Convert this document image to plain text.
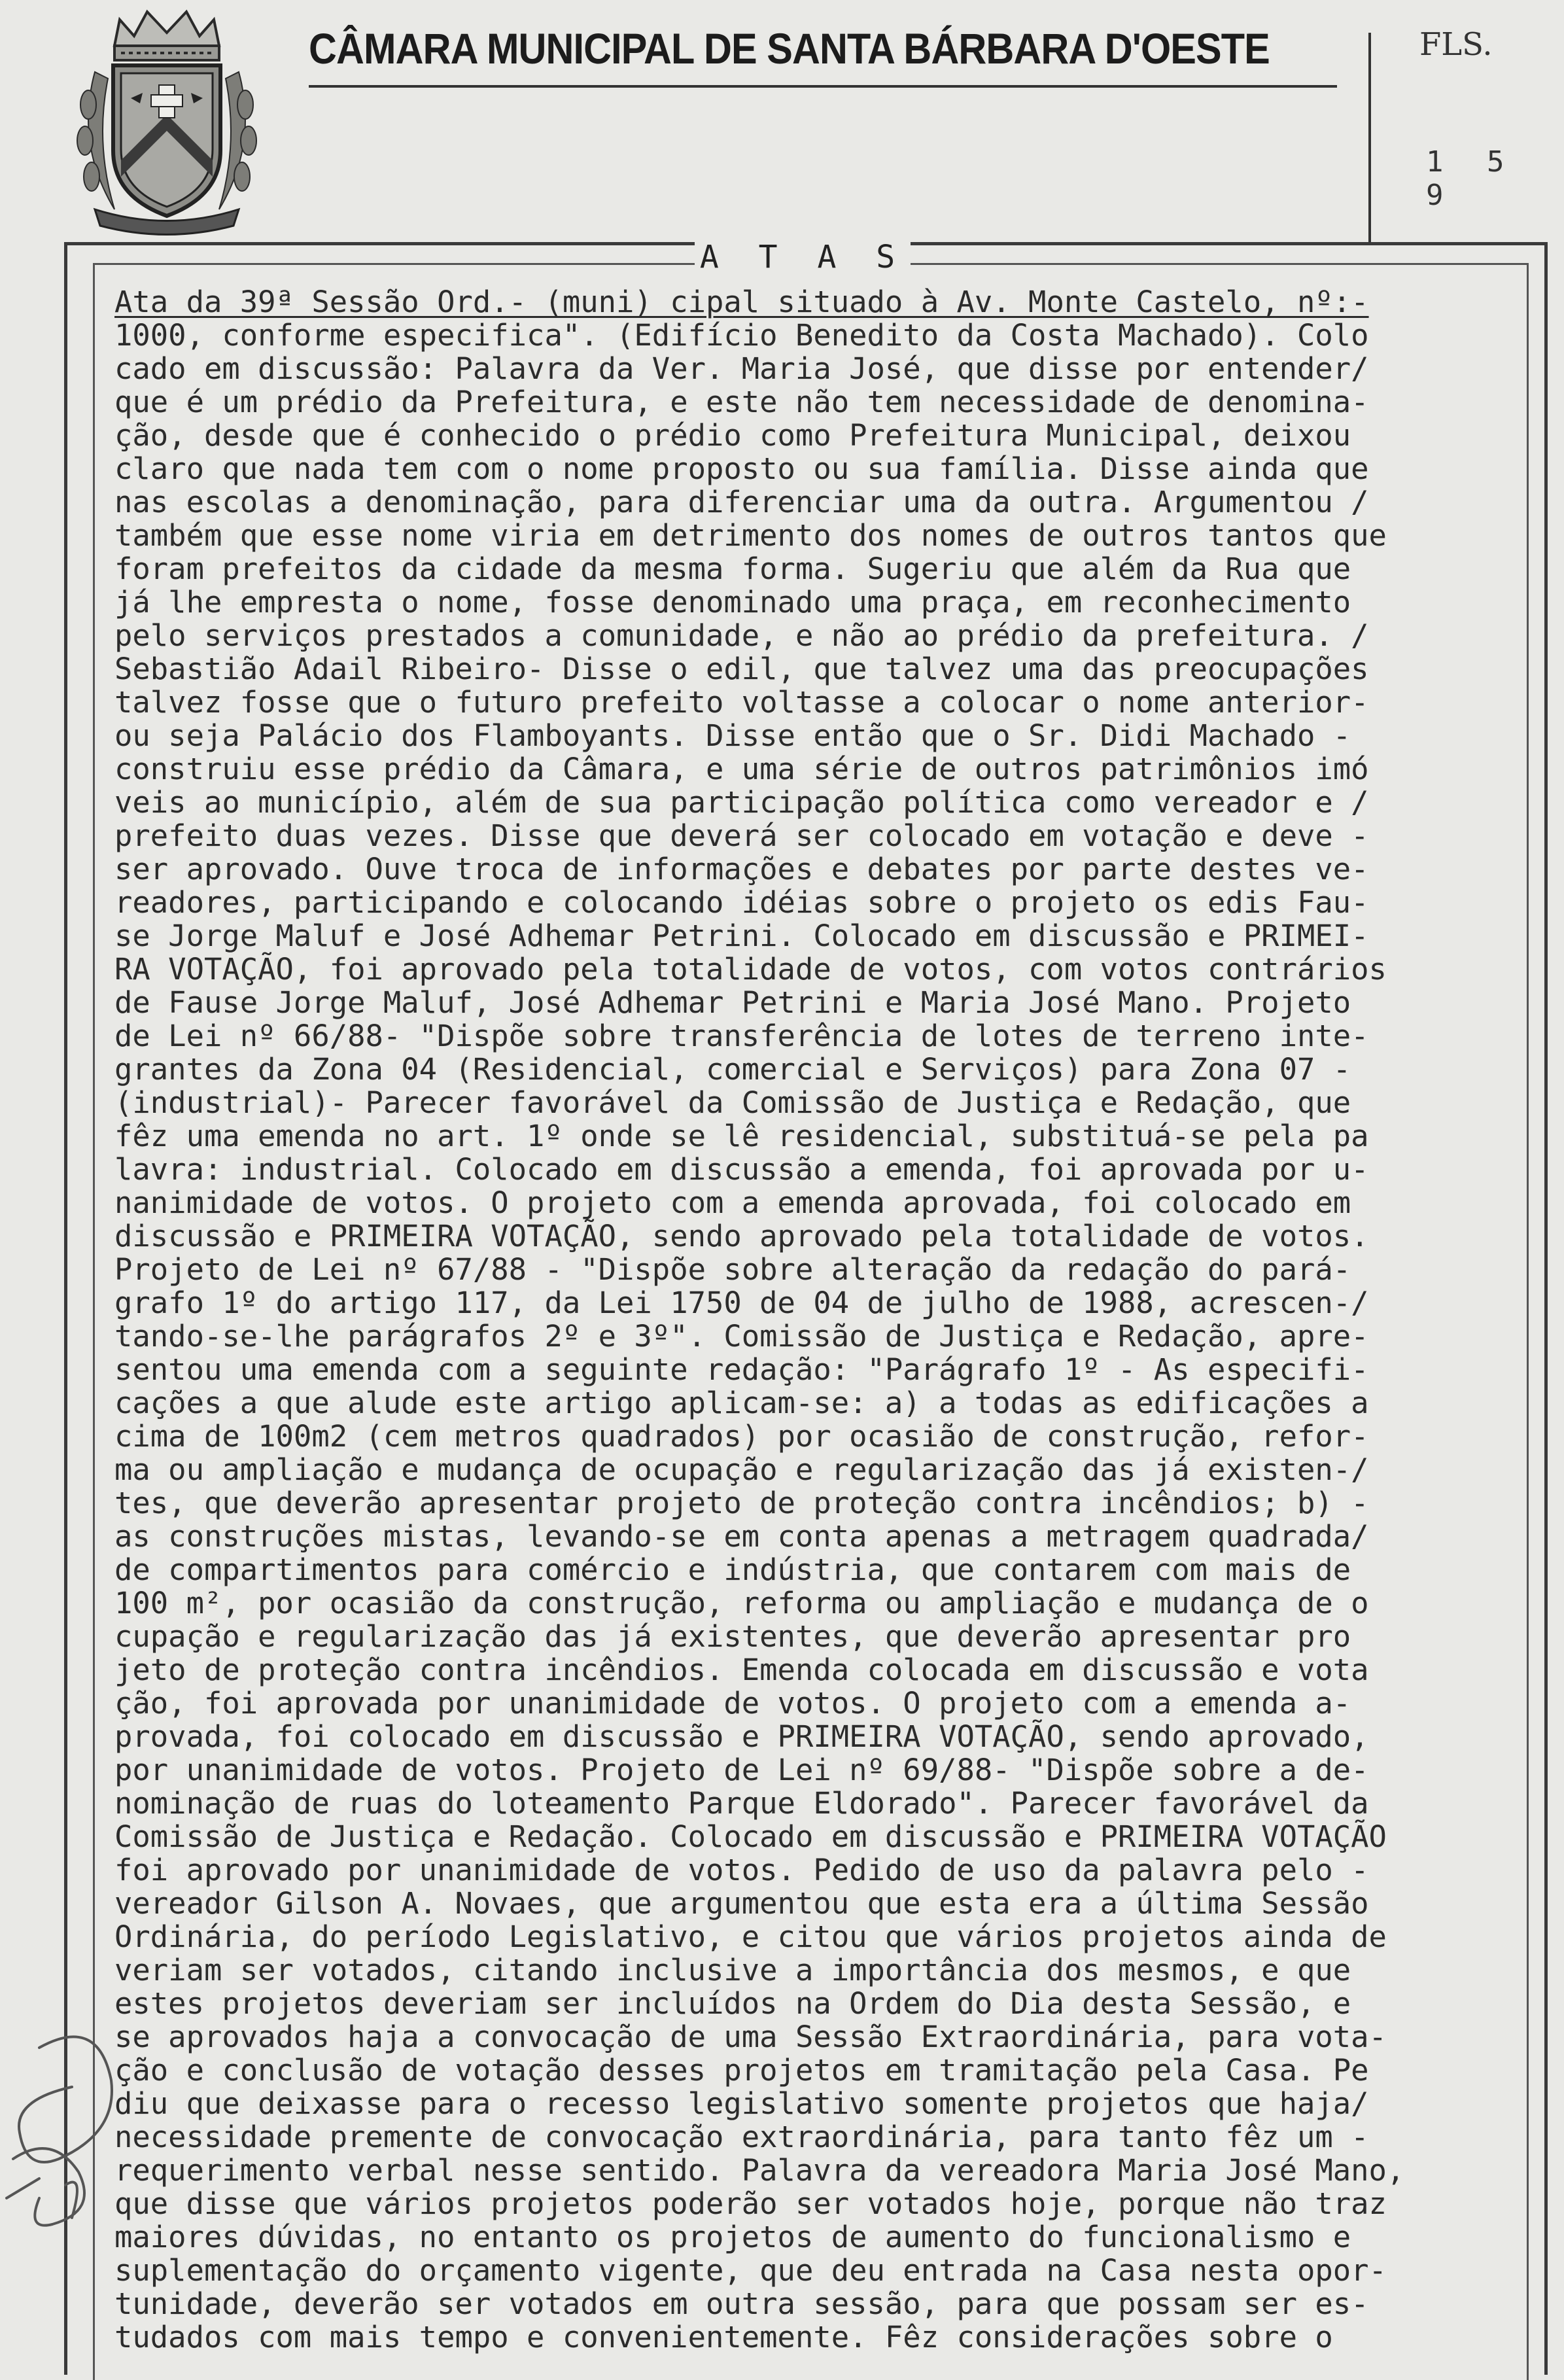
CÂMARA MUNICIPAL DE SANTA BÁRBARA D'OESTE	FLS.
1 5 9
A T A S
Ata da 39ª Sessão Ord.- (muni) cipal situado à Av. Monte Castelo, nº:-
1000, conforme especifica". (Edifício Benedito da Costa Machado). Colo
cado em discussão: Palavra da Ver. Maria José, que disse por entender/
que é um prédio da Prefeitura, e este não tem necessidade de denomina-
ção, desde que é conhecido o prédio como Prefeitura Municipal, deixou
claro que nada tem com o nome proposto ou sua família. Disse ainda que
nas escolas a denominação, para diferenciar uma da outra. Argumentou /
também que esse nome viria em detrimento dos nomes de outros tantos que
foram prefeitos da cidade da mesma forma. Sugeriu que além da Rua que
já lhe empresta o nome, fosse denominado uma praça, em reconhecimento
pelo serviços prestados a comunidade, e não ao prédio da prefeitura. /
Sebastião Adail Ribeiro- Disse o edil, que talvez uma das preocupações
talvez fosse que o futuro prefeito voltasse a colocar o nome anterior-
ou seja Palácio dos Flamboyants. Disse então que o Sr. Didi Machado -
construiu esse prédio da Câmara, e uma série de outros patrimônios imó
veis ao município, além de sua participação política como vereador e /
prefeito duas vezes. Disse que deverá ser colocado em votação e deve -
ser aprovado. Ouve troca de informações e debates por parte destes ve-
readores, participando e colocando idéias sobre o projeto os edis Fau-
se Jorge Maluf e José Adhemar Petrini. Colocado em discussão e PRIMEI-
RA VOTAÇÃO, foi aprovado pela totalidade de votos, com votos contrários
de Fause Jorge Maluf, José Adhemar Petrini e Maria José Mano. Projeto
de Lei nº 66/88- "Dispõe sobre transferência de lotes de terreno inte-
grantes da Zona 04 (Residencial, comercial e Serviços) para Zona 07 -
(industrial)- Parecer favorável da Comissão de Justiça e Redação, que
fêz uma emenda no art. 1º onde se lê residencial, substituá-se pela pa
lavra: industrial. Colocado em discussão a emenda, foi aprovada por u-
nanimidade de votos. O projeto com a emenda aprovada, foi colocado em
discussão e PRIMEIRA VOTAÇÃO, sendo aprovado pela totalidade de votos.
Projeto de Lei nº 67/88 - "Dispõe sobre alteração da redação do pará-
grafo 1º do artigo 117, da Lei 1750 de 04 de julho de 1988, acrescen-/
tando-se-lhe parágrafos 2º e 3º". Comissão de Justiça e Redação, apre-
sentou uma emenda com a seguinte redação: "Parágrafo 1º - As especifi-
cações a que alude este artigo aplicam-se: a) a todas as edificações a
cima de 100m2 (cem metros quadrados) por ocasião de construção, refor-
ma ou ampliação e mudança de ocupação e regularização das já existen-/
tes, que deverão apresentar projeto de proteção contra incêndios; b) -
as construções mistas, levando-se em conta apenas a metragem quadrada/
de compartimentos para comércio e indústria, que contarem com mais de
100 m², por ocasião da construção, reforma ou ampliação e mudança de o
cupação e regularização das já existentes, que deverão apresentar pro
jeto de proteção contra incêndios. Emenda colocada em discussão e vota
ção, foi aprovada por unanimidade de votos. O projeto com a emenda a-
provada, foi colocado em discussão e PRIMEIRA VOTAÇÃO, sendo aprovado,
por unanimidade de votos. Projeto de Lei nº 69/88- "Dispõe sobre a de-
nominação de ruas do loteamento Parque Eldorado". Parecer favorável da
Comissão de Justiça e Redação. Colocado em discussão e PRIMEIRA VOTAÇÃO
foi aprovado por unanimidade de votos. Pedido de uso da palavra pelo -
vereador Gilson A. Novaes, que argumentou que esta era a última Sessão
Ordinária, do período Legislativo, e citou que vários projetos ainda de
veriam ser votados, citando inclusive a importância dos mesmos, e que
estes projetos deveriam ser incluídos na Ordem do Dia desta Sessão, e
se aprovados haja a convocação de uma Sessão Extraordinária, para vota-
ção e conclusão de votação desses projetos em tramitação pela Casa. Pe
diu que deixasse para o recesso legislativo somente projetos que haja/
necessidade premente de convocação extraordinária, para tanto fêz um -
requerimento verbal nesse sentido. Palavra da vereadora Maria José Mano,
que disse que vários projetos poderão ser votados hoje, porque não traz
maiores dúvidas, no entanto os projetos de aumento do funcionalismo e
suplementação do orçamento vigente, que deu entrada na Casa nesta opor-
tunidade, deverão ser votados em outra sessão, para que possam ser es-
tudados com mais tempo e convenientemente. Fêz considerações sobre o
